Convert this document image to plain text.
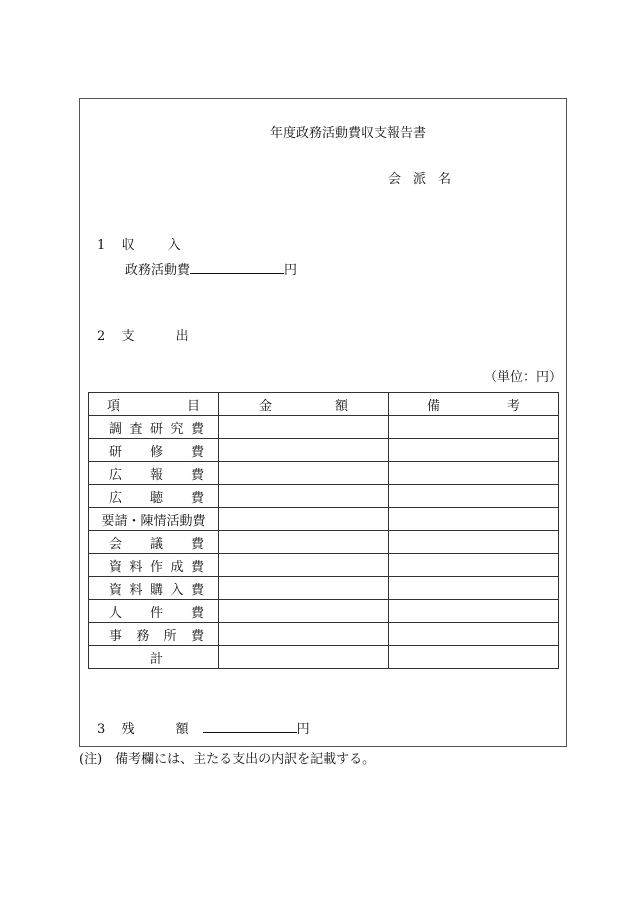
年度政務活動費収支報告書
会派名
1 収　入
政務活動費	円
2 支　出
（単位：円）
項 目	金 額	備 考

調 査 研 究 費		

研 修 費		

広 報 費		

広 聴 費		

要請・陳情活動費		

会 議 費		

資 料 作 成 費		

資 料 購 入 費		

人 件 費		

事 務 所 費		

計		

3 残　額	円
(注)　備考欄には、主たる支出の内訳を記載する。
